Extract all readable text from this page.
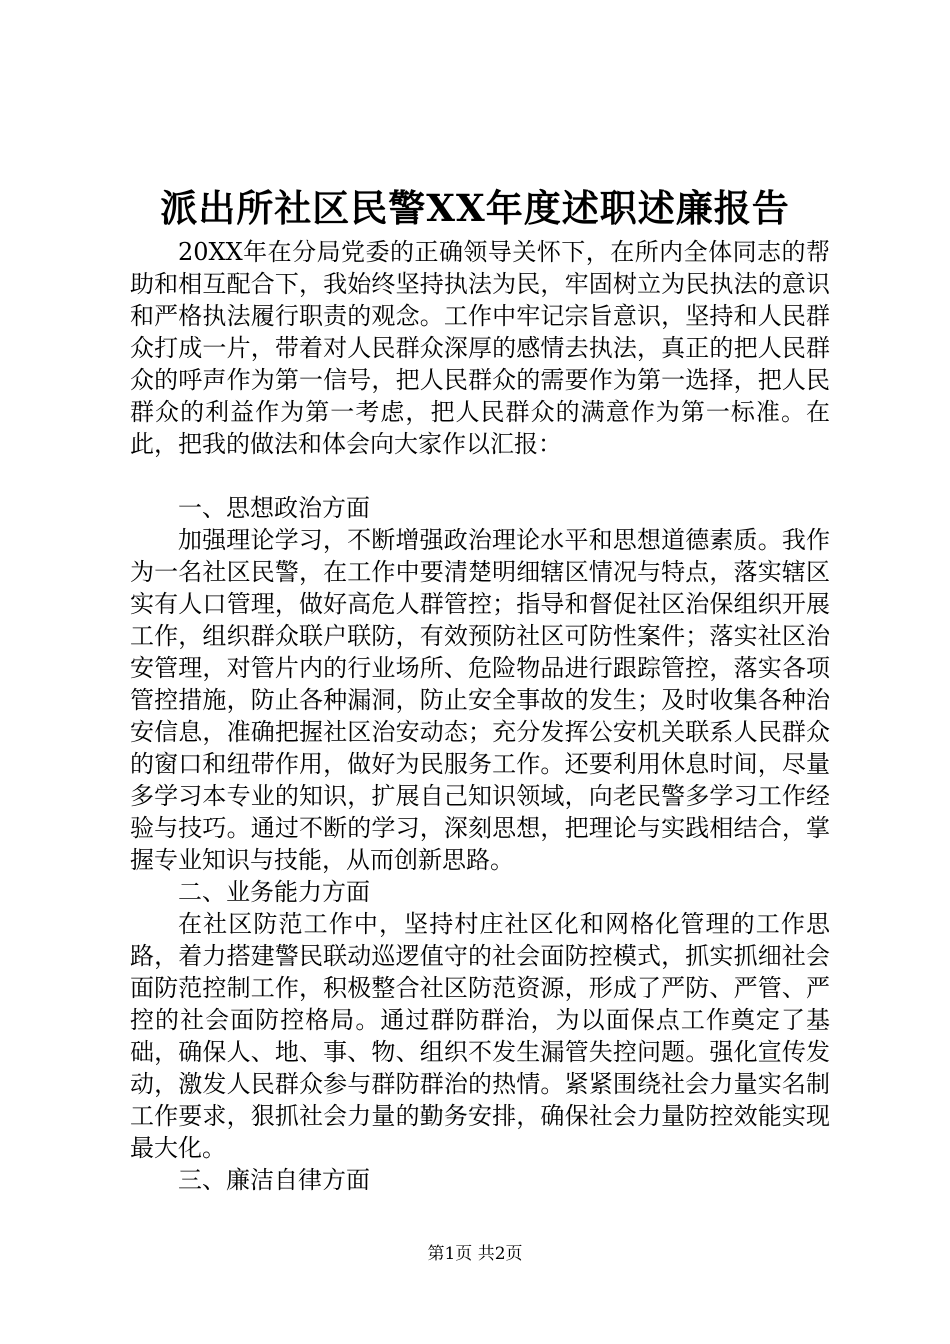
派出所社区民警XX年度述职述廉报告

20XX年在分局党委的正确领导关怀下，在所内全体同志的帮助和相互配合下，我始终坚持执法为民，牢固树立为民执法的意识和严格执法履行职责的观念。工作中牢记宗旨意识，坚持和人民群众打成一片，带着对人民群众深厚的感情去执法，真正的把人民群众的呼声作为第一信号，把人民群众的需要作为第一选择，把人民群众的利益作为第一考虑，把人民群众的满意作为第一标准。在此，把我的做法和体会向大家作以汇报：

一、思想政治方面

加强理论学习，不断增强政治理论水平和思想道德素质。我作为一名社区民警，在工作中要清楚明细辖区情况与特点，落实辖区实有人口管理，做好高危人群管控；指导和督促社区治保组织开展工作，组织群众联户联防，有效预防社区可防性案件；落实社区治安管理，对管片内的行业场所、危险物品进行跟踪管控，落实各项管控措施，防止各种漏洞，防止安全事故的发生；及时收集各种治安信息，准确把握社区治安动态；充分发挥公安机关联系人民群众的窗口和纽带作用，做好为民服务工作。还要利用休息时间，尽量多学习本专业的知识，扩展自己知识领域，向老民警多学习工作经验与技巧。通过不断的学习，深刻思想，把理论与实践相结合，掌握专业知识与技能，从而创新思路。

二、业务能力方面

在社区防范工作中，坚持村庄社区化和网格化管理的工作思路，着力搭建警民联动巡逻值守的社会面防控模式，抓实抓细社会面防范控制工作，积极整合社区防范资源，形成了严防、严管、严控的社会面防控格局。通过群防群治，为以面保点工作奠定了基础，确保人、地、事、物、组织不发生漏管失控问题。强化宣传发动，激发人民群众参与群防群治的热情。紧紧围绕社会力量实名制工作要求，狠抓社会力量的勤务安排，确保社会力量防控效能实现最大化。

三、廉洁自律方面

第1页 共2页
